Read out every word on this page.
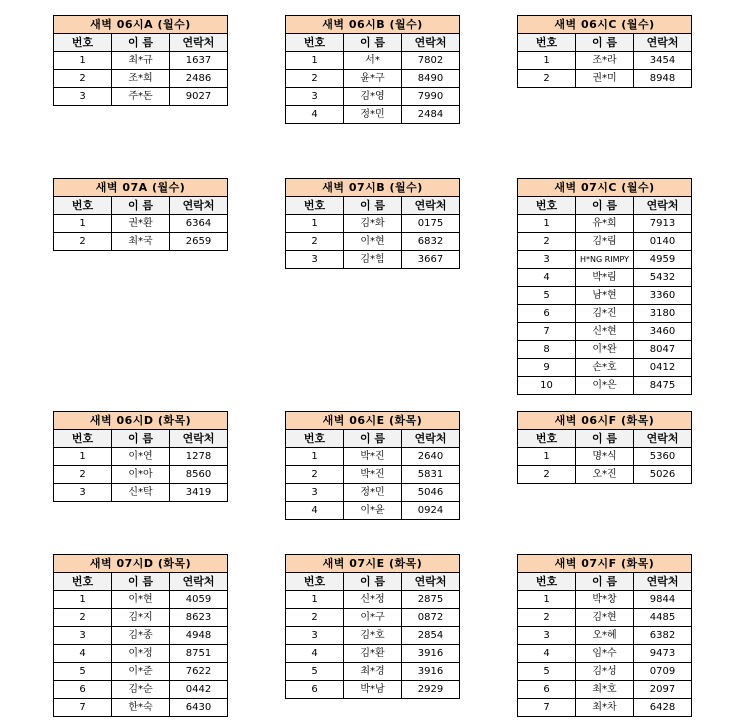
새벽 06시A (월수)		
번호	이 름	연락처
1	최*규	1637
2	조*희	2486
3	주*돈	9027
새벽 06시B (월수)		
번호	이 름	연락처
1	서*	7802
2	윤*구	8490
3	김*영	7990
4	정*민	2484
새벽 06시C (월수)		
번호	이 름	연락처
1	조*라	3454
2	권*미	8948
새벽 07A (월수)		
번호	이 름	연락처
1	권*환	6364
2	최*국	2659
새벽 07시B (월수)		
번호	이 름	연락처
1	김*화	0175
2	이*현	6832
3	김*힘	3667
새벽 07시C (월수)		
번호	이 름	연락처
1	유*희	7913
2	김*림	0140
3	H*NG RIMPY	4959
4	박*림	5432
5	남*현	3360
6	김*진	3180
7	신*현	3460
8	이*완	8047
9	손*호	0412
10	이*은	8475
새벽 06시D (화목)		
번호	이 름	연락처
1	이*연	1278
2	이*아	8560
3	신*탁	3419
새벽 06시E (화목)		
번호	이 름	연락처
1	박*진	2640
2	박*진	5831
3	정*민	5046
4	이*윤	0924
새벽 06시F (화목)		
번호	이 름	연락처
1	명*식	5360
2	오*진	5026
새벽 07시D (화목)		
번호	이 름	연락처
1	이*현	4059
2	김*지	8623
3	김*종	4948
4	이*정	8751
5	이*준	7622
6	김*순	0442
7	한*숙	6430
새벽 07시E (화목)		
번호	이 름	연락처
1	신*정	2875
2	이*구	0872
3	김*호	2854
4	김*환	3916
5	최*경	3916
6	박*남	2929
새벽 07시F (화목)		
번호	이 름	연락처
1	박*창	9844
2	김*현	4485
3	오*혜	6382
4	임*수	9473
5	김*성	0709
6	최*호	2097
7	최*차	6428
